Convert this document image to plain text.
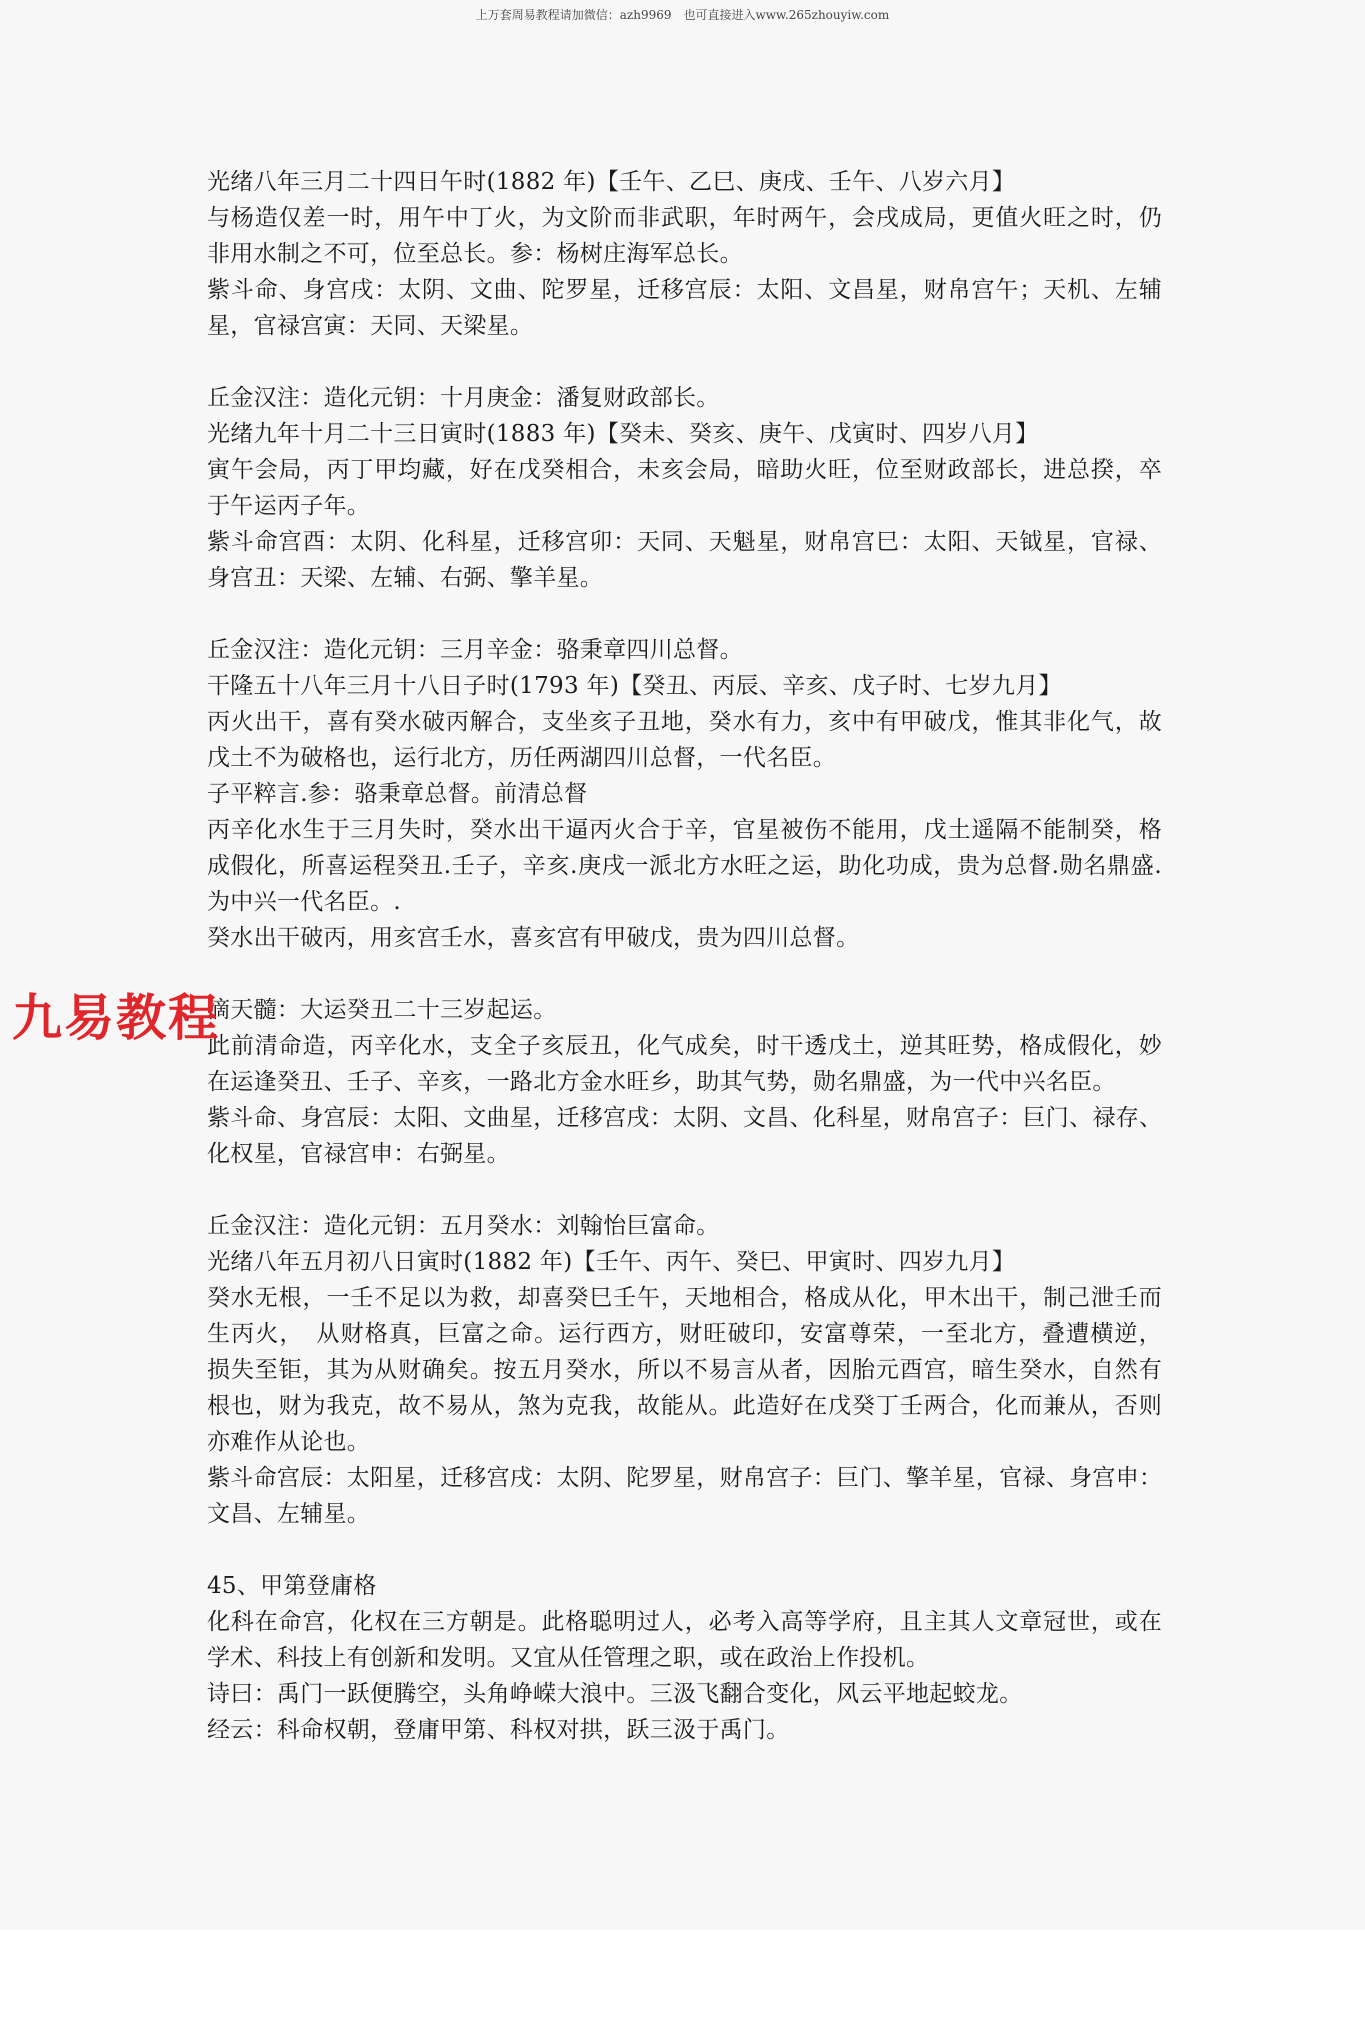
上万套周易教程请加微信：azh9969　也可直接进入www.265zhouyiw.com
光绪八年三月二十四日午时(1882 年)【壬午、乙巳、庚戌、壬午、八岁六月】
与杨造仅差一时，用午中丁火，为文阶而非武职，年时两午，会戌成局，更值火旺之时，仍
非用水制之不可，位至总长。参：杨树庄海军总长。
紫斗命、身宫戌：太阴、文曲、陀罗星，迁移宫辰：太阳、文昌星，财帛宫午；天机、左辅
星，官禄宫寅：天同、天梁星。
丘金汉注：造化元钥：十月庚金：潘复财政部长。
光绪九年十月二十三日寅时(1883 年)【癸未、癸亥、庚午、戊寅时、四岁八月】
寅午会局，丙丁甲均藏，好在戊癸相合，未亥会局，暗助火旺，位至财政部长，进总揆，卒
于午运丙子年。
紫斗命宫酉：太阴、化科星，迁移宫卯：天同、天魁星，财帛宫巳：太阳、天钺星，官禄、
身宫丑：天梁、左辅、右弼、擎羊星。
丘金汉注：造化元钥：三月辛金：骆秉章四川总督。
干隆五十八年三月十八日子时(1793 年)【癸丑、丙辰、辛亥、戊子时、七岁九月】
丙火出干，喜有癸水破丙解合，支坐亥子丑地，癸水有力，亥中有甲破戊，惟其非化气，故
戊土不为破格也，运行北方，历任两湖四川总督，一代名臣。
子平粹言.参：骆秉章总督。前清总督
丙辛化水生于三月失时，癸水出干逼丙火合于辛，官星被伤不能用，戊土遥隔不能制癸，格
成假化，所喜运程癸丑.壬子，辛亥.庚戌一派北方水旺之运，助化功成，贵为总督.勋名鼎盛.
为中兴一代名臣。.
癸水出干破丙，用亥宫壬水，喜亥宫有甲破戊，贵为四川总督。
滴天髓：大运癸丑二十三岁起运。
此前清命造，丙辛化水，支全子亥辰丑，化气成矣，时干透戊土，逆其旺势，格成假化，妙
在运逢癸丑、壬子、辛亥，一路北方金水旺乡，助其气势，勋名鼎盛，为一代中兴名臣。
紫斗命、身宫辰：太阳、文曲星，迁移宫戌：太阴、文昌、化科星，财帛宫子：巨门、禄存、
化权星，官禄宫申：右弼星。
丘金汉注：造化元钥：五月癸水：刘翰怡巨富命。
光绪八年五月初八日寅时(1882 年)【壬午、丙午、癸巳、甲寅时、四岁九月】
癸水无根，一壬不足以为救，却喜癸巳壬午，天地相合，格成从化，甲木出干，制己泄壬而
生丙火，　从财格真，巨富之命。运行西方，财旺破印，安富尊荣，一至北方，叠遭横逆，
损失至钜，其为从财确矣。按五月癸水，所以不易言从者，因胎元酉宫，暗生癸水，自然有
根也，财为我克，故不易从，煞为克我，故能从。此造好在戊癸丁壬两合，化而兼从，否则
亦难作从论也。
紫斗命宫辰：太阳星，迁移宫戌：太阴、陀罗星，财帛宫子：巨门、擎羊星，官禄、身宫申：
文昌、左辅星。
45、甲第登庸格
化科在命宫，化权在三方朝是。此格聪明过人，必考入高等学府，且主其人文章冠世，或在
学术、科技上有创新和发明。又宜从任管理之职，或在政治上作投机。
诗曰：禹门一跃便腾空，头角峥嵘大浪中。三汲飞翻合变化，风云平地起蛟龙。
经云：科命权朝，登庸甲第、科权对拱，跃三汲于禹门。
九易教程
